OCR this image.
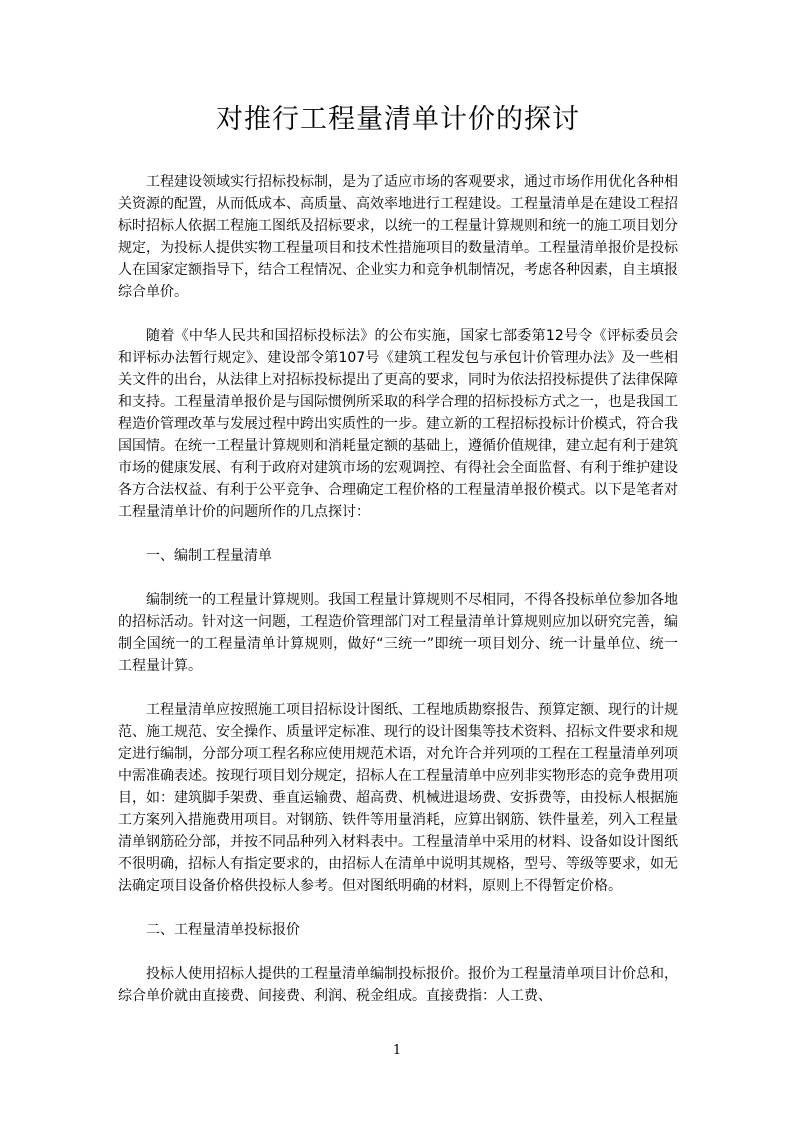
对推行工程量清单计价的探讨

工程建设领域实行招标投标制，是为了适应市场的客观要求，通过市场作用优化各种相关资源的配置，从而低成本、高质量、高效率地进行工程建设。工程量清单是在建设工程招标时招标人依据工程施工图纸及招标要求，以统一的工程量计算规则和统一的施工项目划分规定，为投标人提供实物工程量项目和技术性措施项目的数量清单。工程量清单报价是投标人在国家定额指导下，结合工程情况、企业实力和竞争机制情况，考虑各种因素，自主填报综合单价。

随着《中华人民共和国招标投标法》的公布实施，国家七部委第12号令《评标委员会和评标办法暂行规定》、建设部令第107号《建筑工程发包与承包计价管理办法》及一些相关文件的出台，从法律上对招标投标提出了更高的要求，同时为依法招投标提供了法律保障和支持。工程量清单报价是与国际惯例所采取的科学合理的招标投标方式之一，也是我国工程造价管理改革与发展过程中跨出实质性的一步。建立新的工程招标投标计价模式，符合我国国情。在统一工程量计算规则和消耗量定额的基础上，遵循价值规律，建立起有利于建筑市场的健康发展、有利于政府对建筑市场的宏观调控、有得社会全面监督、有利于维护建设各方合法权益、有利于公平竞争、合理确定工程价格的工程量清单报价模式。以下是笔者对工程量清单计价的问题所作的几点探讨：

一、编制工程量清单

编制统一的工程量计算规则。我国工程量计算规则不尽相同，不得各投标单位参加各地的招标活动。针对这一问题，工程造价管理部门对工程量清单计算规则应加以研究完善，编制全国统一的工程量清单计算规则，做好“三统一”即统一项目划分、统一计量单位、统一工程量计算。

工程量清单应按照施工项目招标设计图纸、工程地质勘察报告、预算定额、现行的计规范、施工规范、安全操作、质量评定标准、现行的设计图集等技术资料、招标文件要求和规定进行编制，分部分项工程名称应使用规范术语，对允许合并列项的工程在工程量清单列项中需准确表述。按现行项目划分规定，招标人在工程量清单中应列非实物形态的竞争费用项目，如：建筑脚手架费、垂直运输费、超高费、机械进退场费、安拆费等，由投标人根据施工方案列入措施费用项目。对钢筋、铁件等用量消耗，应算出钢筋、铁件量差，列入工程量清单钢筋砼分部，并按不同品种列入材料表中。工程量清单中采用的材料、设备如设计图纸不很明确，招标人有指定要求的，由招标人在清单中说明其规格，型号、等级等要求，如无法确定项目设备价格供投标人参考。但对图纸明确的材料，原则上不得暂定价格。

二、工程量清单投标报价

投标人使用招标人提供的工程量清单编制投标报价。报价为工程量清单项目计价总和，综合单价就由直接费、间接费、利润、税金组成。直接费指：人工费、

1
